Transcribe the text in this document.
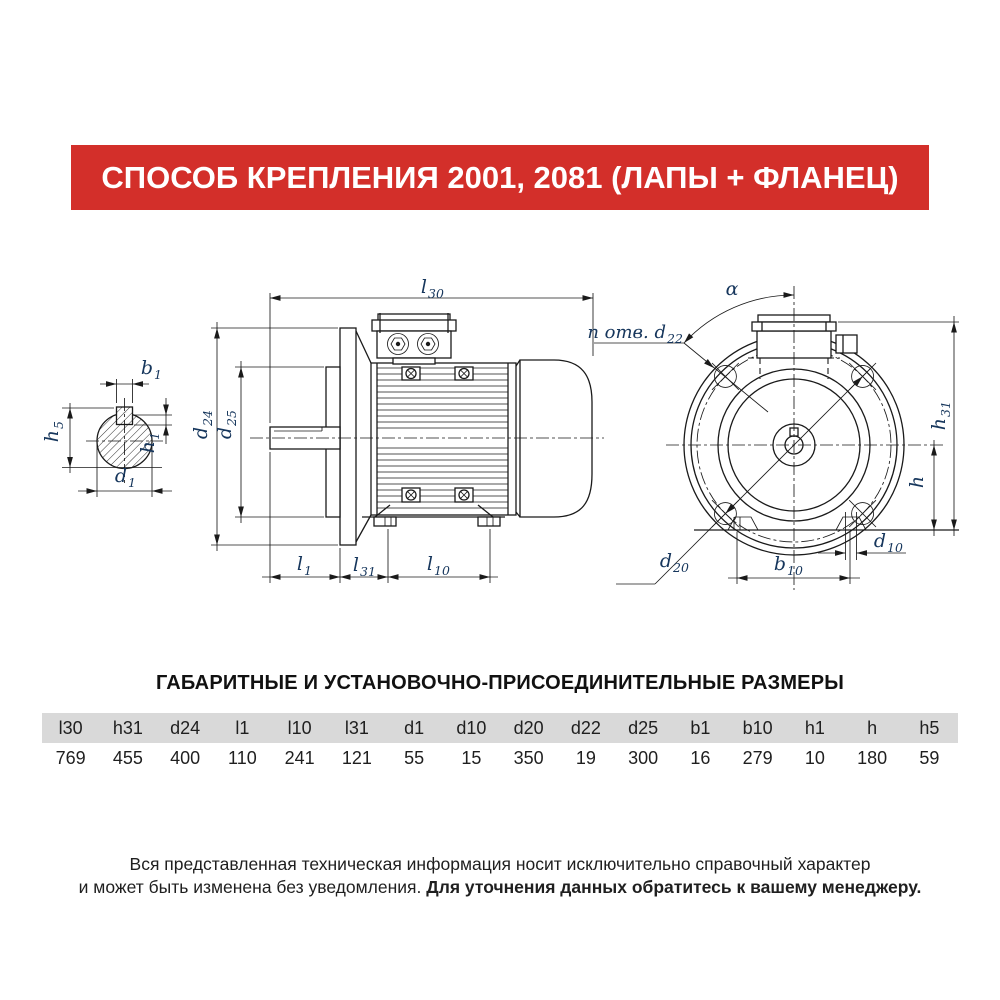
СПОСОБ КРЕПЛЕНИЯ 2001, 2081 (ЛАПЫ + ФЛАНЕЦ)
l 30
b 1
h
5
h
1
d 1
d
24
d
25
l 1 l 31	l 10
n отв. d 22
α
h
31
h
d 10
b 10
d 20
ГАБАРИТНЫЕ И УСТАНОВОЧНО-ПРИСОЕДИНИТЕЛЬНЫЕ РАЗМЕРЫ
l30	h31	d24	l1	l10	l31	d1	d10	d20	d22	d25	b1	b10	h1	h	h5
769	455	400	110	241	121	55	15	350	19	300	16	279	10	180	59
Вся представленная техническая информация носит исключительно справочный характер
и может быть изменена без уведомления. Для уточнения данных обратитесь к вашему менеджеру.
